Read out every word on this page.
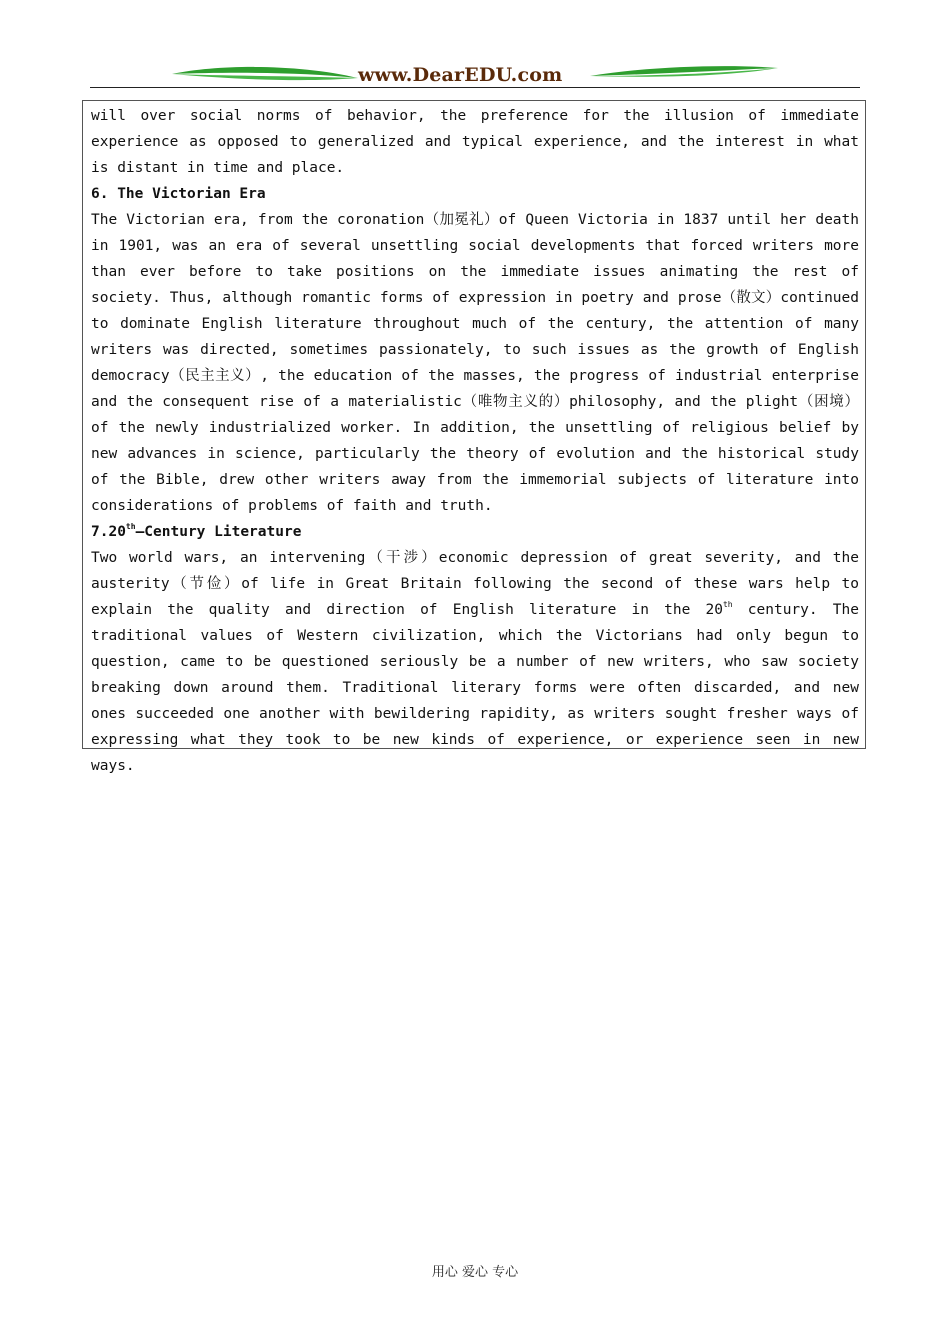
www.DearEDU.com

will over social norms of behavior, the preference for the illusion of immediate experience as opposed to generalized and typical experience, and the interest in what is distant in time and place.

6. The Victorian Era

The Victorian era, from the coronation（加冕礼）of Queen Victoria in 1837 until her death in 1901, was an era of several unsettling social developments that forced writers more than ever before to take positions on the immediate issues animating the rest of society. Thus, although romantic forms of expression in poetry and prose（散文）continued to dominate English literature throughout much of the century, the attention of many writers was directed, sometimes passionately, to such issues as the growth of English democracy（民主主义）, the education of the masses, the progress of industrial enterprise and the consequent rise of a materialistic（唯物主义的）philosophy, and the plight（困境）of the newly industrialized worker. In addition, the unsettling of religious belief by new advances in science, particularly the theory of evolution and the historical study of the Bible, drew other writers away from the immemorial subjects of literature into considerations of problems of faith and truth.

7.20th—Century Literature

Two world wars, an intervening（干涉）economic depression of great severity, and the austerity（节俭）of life in Great Britain following the second of these wars help to explain the quality and direction of English literature in the 20th century. The traditional values of Western civilization, which the Victorians had only begun to question, came to be questioned seriously be a number of new writers, who saw society breaking down around them. Traditional literary forms were often discarded, and new ones succeeded one another with bewildering rapidity, as writers sought fresher ways of expressing what they took to be new kinds of experience, or experience seen in new ways.

用心 爱心 专心
